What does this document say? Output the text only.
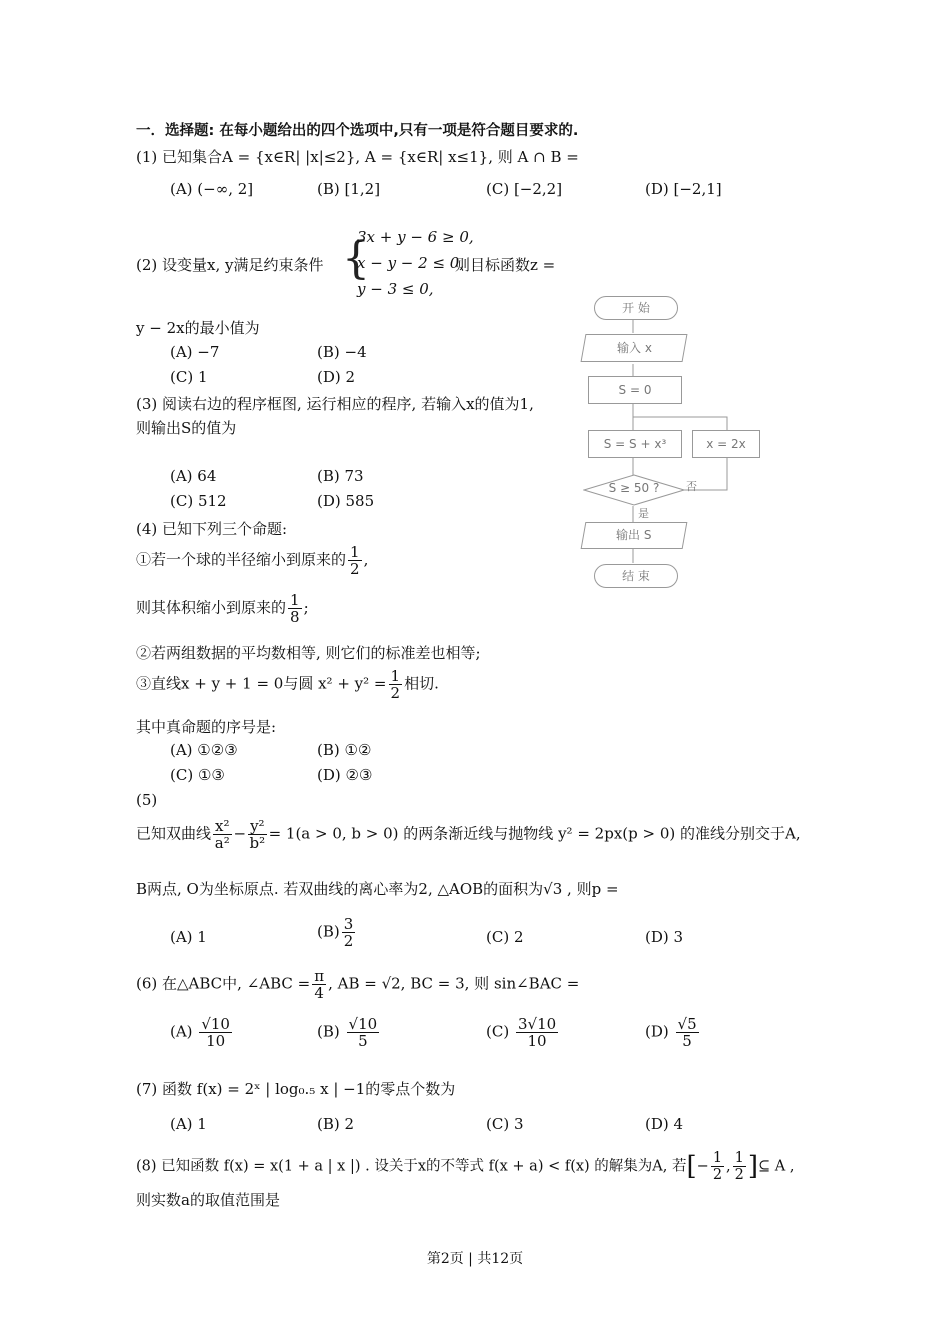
一．选择题: 在每小题给出的四个选项中,只有一项是符合题目要求的.
(1) 已知集合A = {x∈R| |x|≤2}, A = {x∈R| x≤1}, 则 A ∩ B =
(A) (−∞, 2]	(B) [1,2]	(C) [−2,2]	(D) [−2,1]
(2) 设变量x, y满足约束条件 {
3x + y − 6 ≥ 0,
x − y − 2 ≤ 0,
y − 3 ≤ 0,
则目标函数z =
y − 2x的最小值为
(A) −7	(B) −4
(C) 1	(D) 2
(3) 阅读右边的程序框图, 运行相应的程序, 若输入x的值为1,
则输出S的值为
(A) 64	(B) 73
(C) 512	(D) 585
开 始
输入 x
S = 0
S = S + x³	x = 2x
S ≥ 50 ?	否
是
输出 S
结 束
(4) 已知下列三个命题:
①若一个球的半径缩小到原来的 $\frac{1}{2}$ ,
则其体积缩小到原来的 $\frac{1}{8}$ ;
②若两组数据的平均数相等, 则它们的标准差也相等;
③直线x + y + 1 = 0与圆 $x^2 + y^2 = \frac{1}{2}$ 相切.
其中真命题的序号是:
(A) ①②③	(B) ①②
(C) ①③	(D) ②③
(5)
已知双曲线 $\frac{\text{x²}}{\text{a²}} - \frac{\text{y²}}{\text{b²}} = 1(a > 0$, b > 0) 的两条渐近线与抛物线 y² = 2px(p > 0) 的准线分别交于A,
B两点, O为坐标原点. 若双曲线的离心率为2, △AOB的面积为√3 , 则p =
(A) 1	$(B) \frac{3}{2}$	(C) 2	(D) 3
(6) 在△ABC中, ∠ABC = $\frac{\pi}{4}$ , AB = √2, BC = 3, 则 sin∠BAC =
$(A) \frac{√10}{10}$	$(B) \frac{√10}{5}$	$(C) \frac{3√10}{10}$	$(D) \frac{√5}{5}$
(7) 函数 f(x) = 2ˣ | log₀.₅ x | −1的零点个数为
(A) 1	(B) 2	(C) 3	(D) 4
(8) 已知函数 f(x) = x(1 + a | x |) . 设关于x的不等式 f(x + a) < f(x) 的解集为A, 若[− $\frac{1}{2}$ , $\frac{1}{2}$ ]⊆ A ,
则实数a的取值范围是
第2页 | 共12页
